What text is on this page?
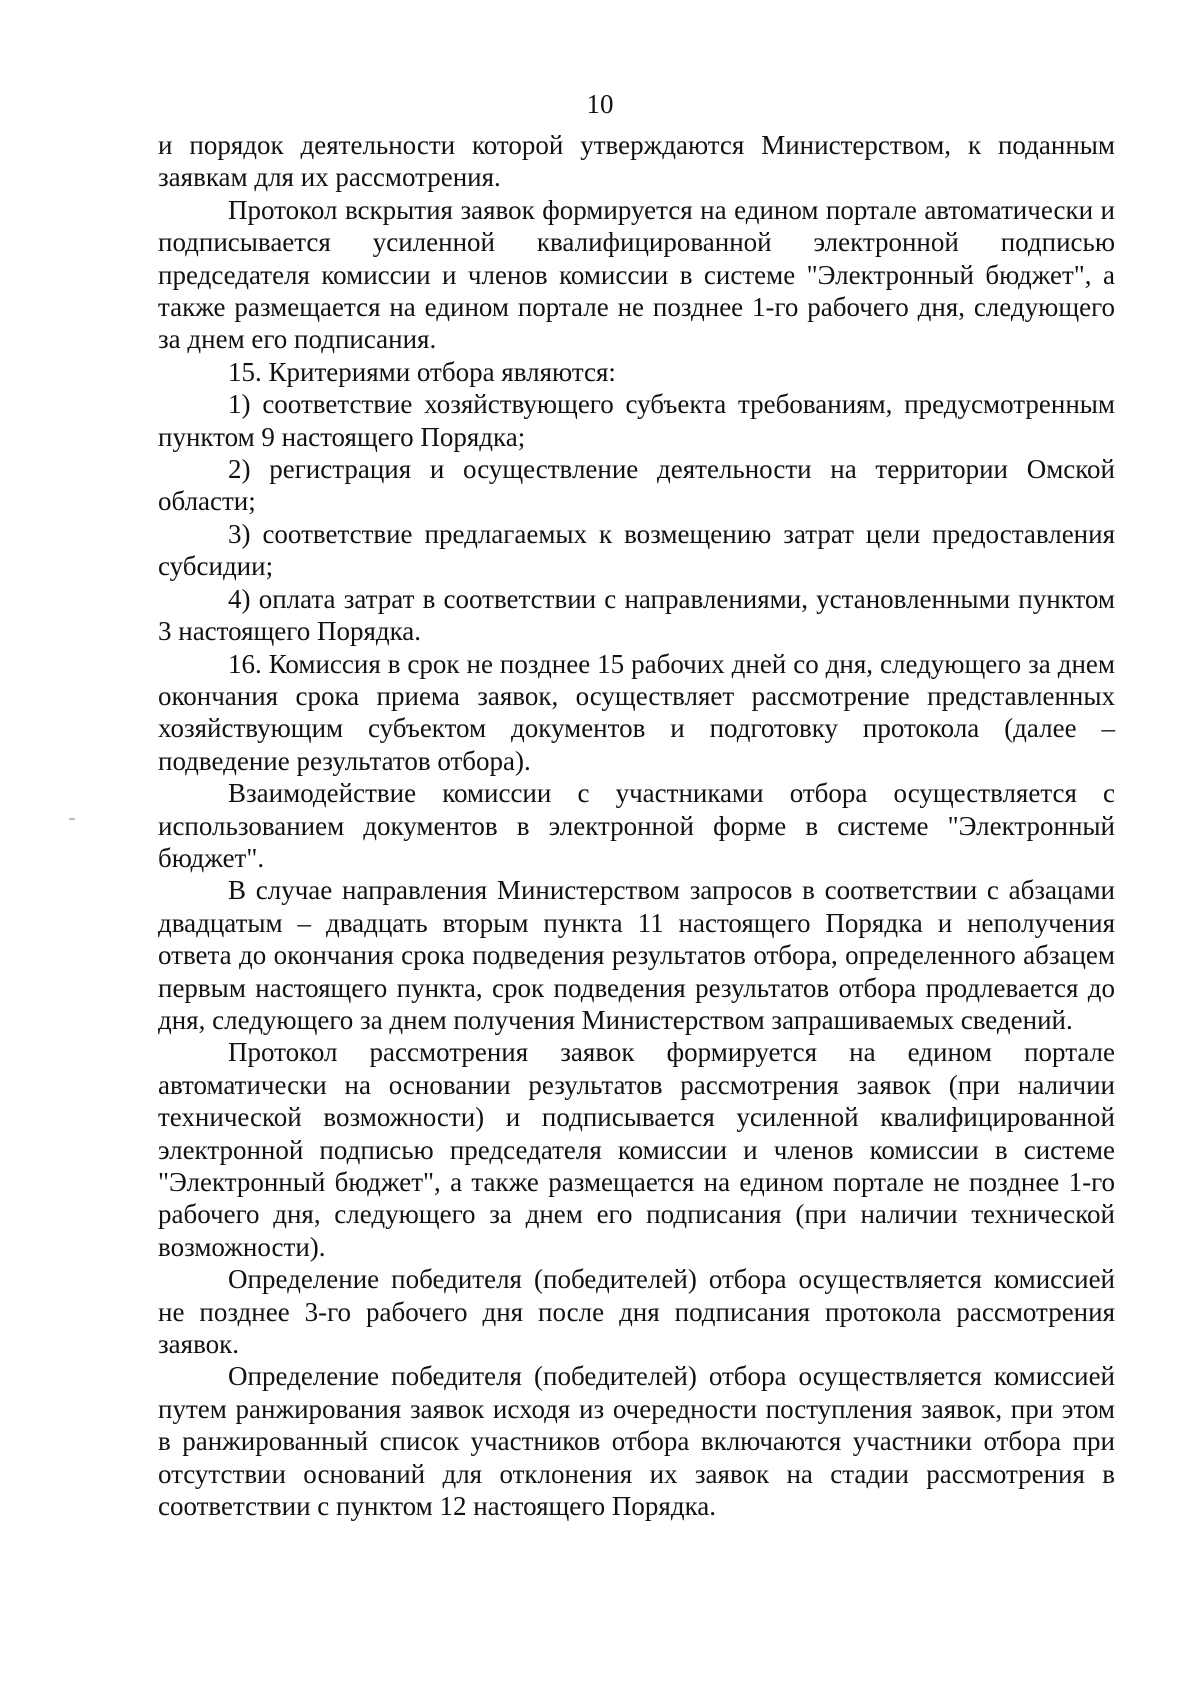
10

и порядок деятельности которой утверждаются Министерством, к поданным заявкам для их рассмотрения.

Протокол вскрытия заявок формируется на едином портале автоматически и подписывается усиленной квалифицированной электронной подписью председателя комиссии и членов комиссии в системе "Электронный бюджет", а также размещается на едином портале не позднее 1-го рабочего дня, следующего за днем его подписания.

15. Критериями отбора являются:

1) соответствие хозяйствующего субъекта требованиям, предусмотренным пунктом 9 настоящего Порядка;

2) регистрация и осуществление деятельности на территории Омской области;

3) соответствие предлагаемых к возмещению затрат цели предоставления субсидии;

4) оплата затрат в соответствии с направлениями, установленными пунктом 3 настоящего Порядка.

16. Комиссия в срок не позднее 15 рабочих дней со дня, следующего за днем окончания срока приема заявок, осуществляет рассмотрение представленных хозяйствующим субъектом документов и подготовку протокола (далее – подведение результатов отбора).

Взаимодействие комиссии с участниками отбора осуществляется с использованием документов в электронной форме в системе "Электронный бюджет".

В случае направления Министерством запросов в соответствии с абзацами двадцатым – двадцать вторым пункта 11 настоящего Порядка и неполучения ответа до окончания срока подведения результатов отбора, определенного абзацем первым настоящего пункта, срок подведения результатов отбора продлевается до дня, следующего за днем получения Министерством запрашиваемых сведений.

Протокол рассмотрения заявок формируется на едином портале автоматически на основании результатов рассмотрения заявок (при наличии технической возможности) и подписывается усиленной квалифицированной электронной подписью председателя комиссии и членов комиссии в системе "Электронный бюджет", а также размещается на едином портале не позднее 1-го рабочего дня, следующего за днем его подписания (при наличии технической возможности).

Определение победителя (победителей) отбора осуществляется комиссией не позднее 3-го рабочего дня после дня подписания протокола рассмотрения заявок.

Определение победителя (победителей) отбора осуществляется комиссией путем ранжирования заявок исходя из очередности поступления заявок, при этом в ранжированный список участников отбора включаются участники отбора при отсутствии оснований для отклонения их заявок на стадии рассмотрения в соответствии с пунктом 12 настоящего Порядка.
